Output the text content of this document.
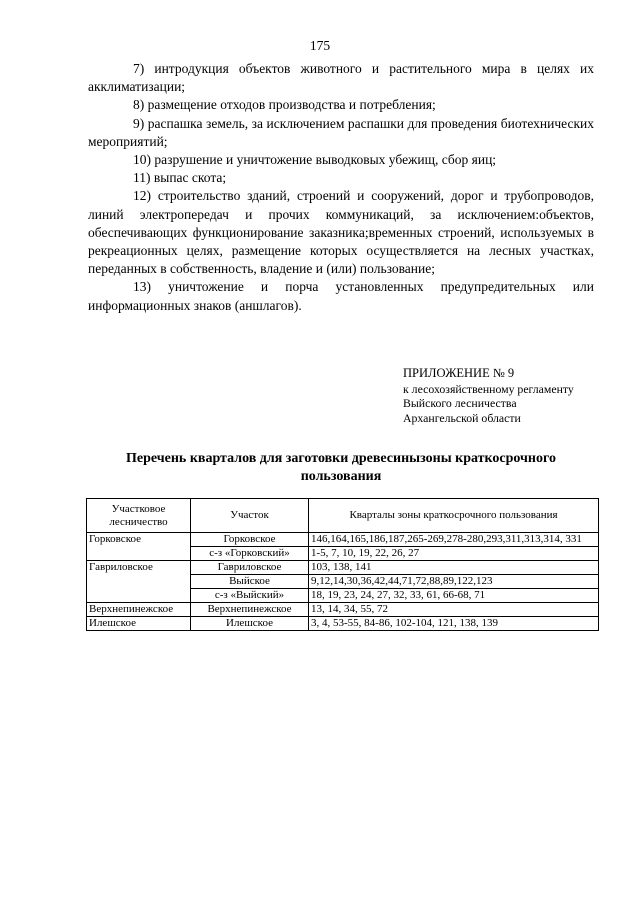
175

7) интродукция объектов животного и растительного мира в целях их акклиматизации;

8) размещение отходов производства и потребления;

9) распашка земель, за исключением распашки для проведения биотехнических мероприятий;

10) разрушение и уничтожение выводковых убежищ, сбор яиц;

11) выпас скота;

12) строительство зданий, строений и сооружений, дорог и трубопроводов, линий электропередач и прочих коммуникаций, за исключением:объектов, обеспечивающих функционирование заказника;временных строений, используемых в рекреационных целях, размещение которых осуществляется на лесных участках, переданных в собственность, владение и (или) пользование;

13) уничтожение и порча установленных предупредительных или информационных знаков (аншлагов).

ПРИЛОЖЕНИЕ № 9
к лесохозяйственному регламенту
Выйского лесничества
Архангельской области
Перечень кварталов для заготовки древесинызоны краткосрочного пользования
Участковое лесничество	Участок	Кварталы зоны краткосрочного пользования
Горковское	Горковское	146,164,165,186,187,265-269,278-280,293,311,313,314, 331
	с-з «Горковский»	1-5, 7, 10, 19, 22, 26, 27
Гавриловское	Гавриловское	103, 138, 141
	Выйское	9,12,14,30,36,42,44,71,72,88,89,122,123
	с-з «Выйский»	18, 19, 23, 24, 27, 32, 33, 61, 66-68, 71
Верхнепинежское	Верхнепинежское	13, 14, 34, 55, 72
Илешское	Илешское	3, 4, 53-55, 84-86, 102-104, 121, 138, 139
